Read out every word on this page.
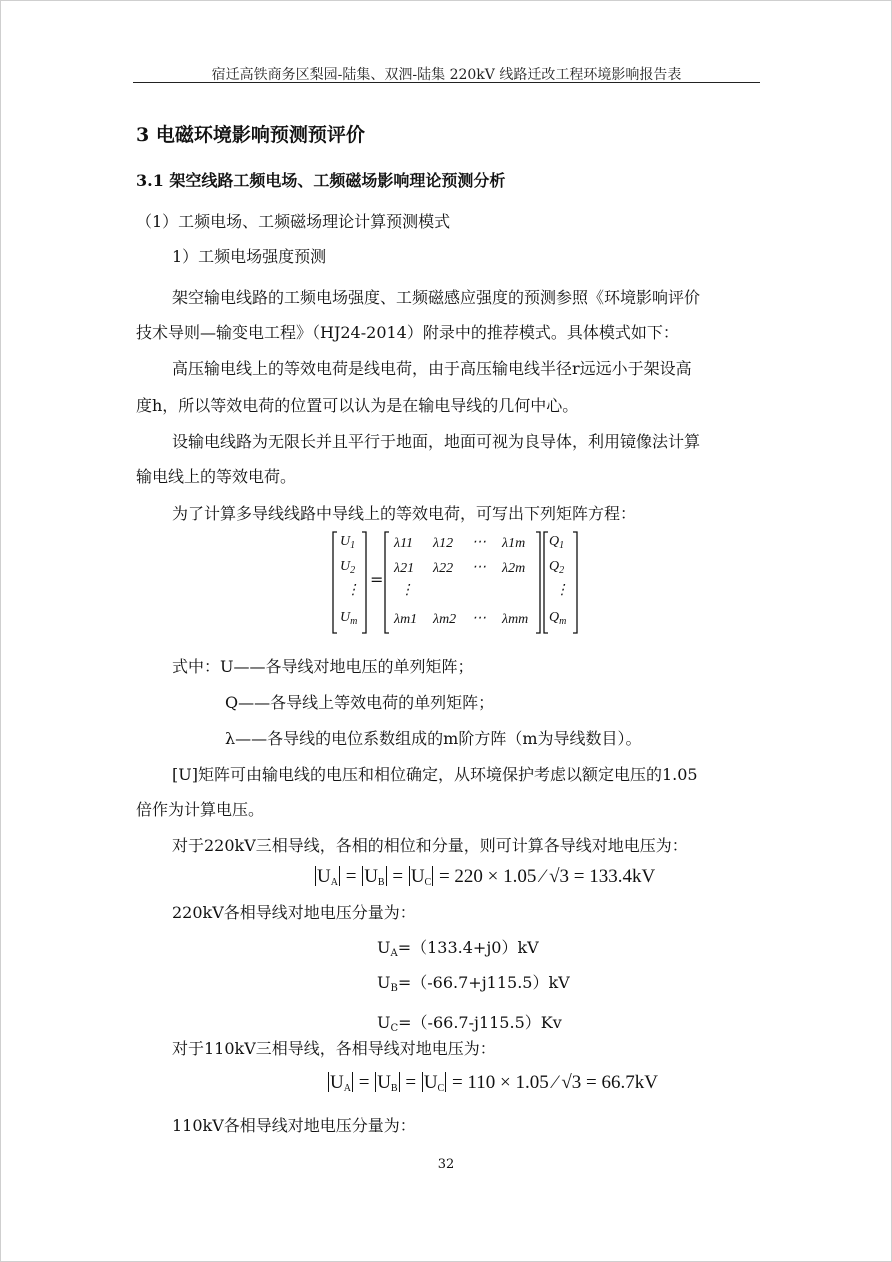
宿迁高铁商务区梨园-陆集、双泗-陆集 220kV 线路迁改工程环境影响报告表
3 电磁环境影响预测预评价
3.1 架空线路工频电场、工频磁场影响理论预测分析
（1）工频电场、工频磁场理论计算预测模式
1）工频电场强度预测
架空输电线路的工频电场强度、工频磁感应强度的预测参照《环境影响评价
技术导则—输变电工程》（HJ24-2014）附录中的推荐模式。具体模式如下：
高压输电线上的等效电荷是线电荷，由于高压输电线半径r远远小于架设高
度h，所以等效电荷的位置可以认为是在输电导线的几何中心。
设输电线路为无限长并且平行于地面，地面可视为良导体，利用镜像法计算
输电线上的等效电荷。
为了计算多导线线路中导线上的等效电荷，可写出下列矩阵方程：
$U_1$
$U_2$
⋮
$U_m$
=
λ11 λ12 ⋯ λ1m
λ21 λ22 ⋯ λ2m
⋮
λm1 λm2 ⋯ λmm
$Q_1$
$Q_2$
⋮
$Q_m$
式中：U——各导线对地电压的单列矩阵；
Q——各导线上等效电荷的单列矩阵；
λ——各导线的电位系数组成的m阶方阵（m为导线数目）。
[U]矩阵可由输电线的电压和相位确定，从环境保护考虑以额定电压的1.05
倍作为计算电压。
对于220kV三相导线，各相的相位和分量，则可计算各导线对地电压为：
$U_A = U_B = U_C = 220 \times 1.05$ ⁄ √3 = 133.4kV
220kV各相导线对地电压分量为：
$U_A=(133.4+j0)kV$
$U_B=(-66.7+j115.5)kV$
$U_C=(-66.7-j115.5)Kv$
对于110kV三相导线，各相导线对地电压为：
$U_A = U_B = U_C = 110 \times 1.05$ ⁄ √3 = 66.7kV
110kV各相导线对地电压分量为：
32
